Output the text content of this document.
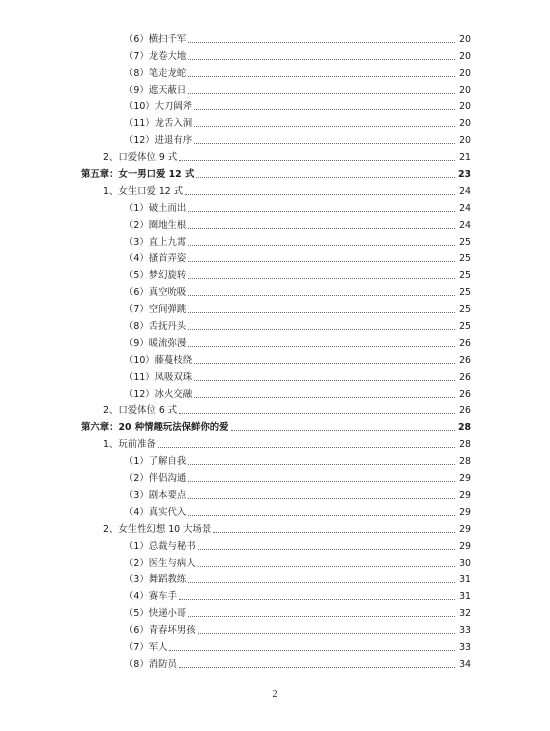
（6）横扫千军	20
（7）龙卷大地	20
（8）笔走龙蛇	20
（9）遮天蔽日	20
（10）大刀阔斧	20
（11）龙舌入洞	20
（12）进退有序	20
2、口爱体位 9 式	21
第五章：女一男口爱 12 式	23
1、女生口爱 12 式	24
（1）破土而出	24
（2）圈地生根	24
（3）直上九霄	25
（4）搔首弄姿	25
（5）梦幻旋转	25
（6）真空吮吸	25
（7）空间弹跳	25
（8）舌抚丹头	25
（9）暖流弥漫	26
（10）藤蔓枝绕	26
（11）凤吸双珠	26
（12）冰火交融	26
2、口爱体位 6 式	26
第六章：20 种情趣玩法保鲜你的爱	28
1、玩前准备	28
（1）了解自我	28
（2）伴侣沟通	29
（3）剧本要点	29
（4）真实代入	29
2、女生性幻想 10 大场景	29
（1）总裁与秘书	29
（2）医生与病人	30
（3）舞蹈教练	31
（4）赛车手	31
（5）快递小哥	32
（6）青春坏男孩	33
（7）军人	33
（8）消防员	34
2
